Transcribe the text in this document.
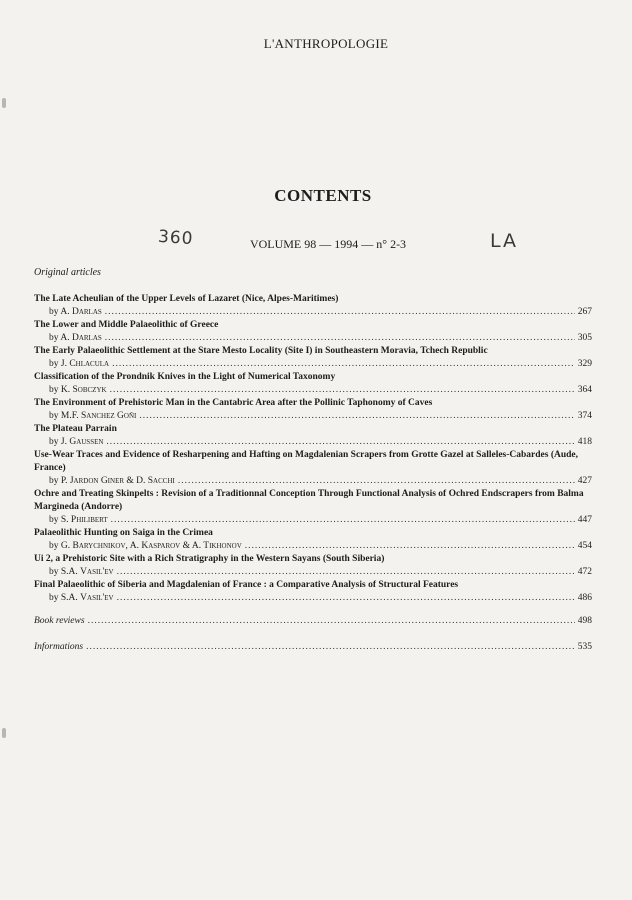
L'ANTHROPOLOGIE
CONTENTS
360	VOLUME 98 — 1994 — n° 2-3	LA
Original articles
The Late Acheulian of the Upper Levels of Lazaret (Nice, Alpes-Maritimes)
by A. Darlas .....	267
The Lower and Middle Palaeolithic of Greece
by A. Darlas .....	305
The Early Palaeolithic Settlement at the Stare Mesto Locality (Site I) in Southeastern Moravia, Tchech Republic
by J. Chlacula .....	329
Classification of the Prondnik Knives in the Light of Numerical Taxonomy
by K. Sobczyk .....	364
The Environment of Prehistoric Man in the Cantabric Area after the Pollinic Taphonomy of Caves
by M.F. Sanchez Goñi .....	374
The Plateau Parrain
by J. Gaussen .....	418
Use-Wear Traces and Evidence of Resharpening and Hafting on Magdalenian Scrapers from Grotte Gazel at Salleles-Cabardes (Aude, France)
by P. Jardon Giner & D. Sacchi .....	427
Ochre and Treating Skinpelts : Revision of a Traditionnal Conception Through Functional Analysis of Ochred Endscrapers from Balma Margineda (Andorre)
by S. Philibert .....	447
Palaeolithic Hunting on Saiga in the Crimea
by G. Barychnikov, A. Kasparov & A. Tikhonov .....	454
Ui 2, a Prehistoric Site with a Rich Stratigraphy in the Western Sayans (South Siberia)
by S.A. Vasil'ev .....	472
Final Palaeolithic of Siberia and Magdalenian of France : a Comparative Analysis of Structural Features
by S.A. Vasil'ev .....	486
Book reviews .....	498
Informations .....	535
